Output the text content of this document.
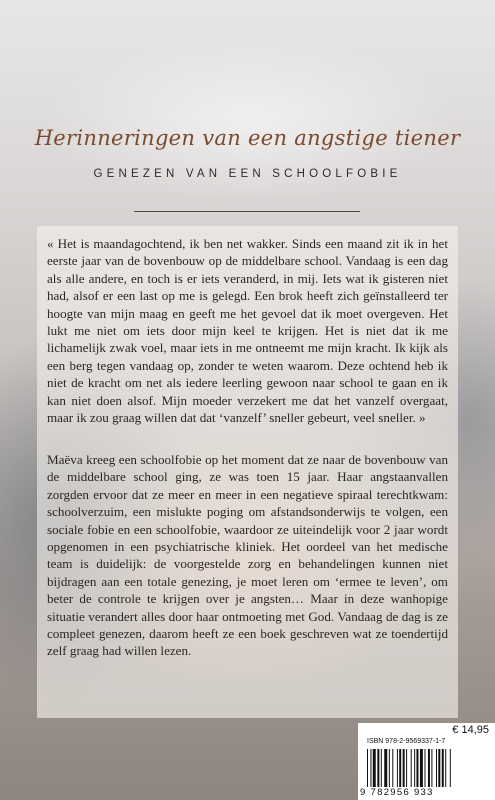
Herinneringen van een angstige tiener
GENEZEN VAN EEN SCHOOLFOBIE

« Het is maandagochtend, ik ben net wakker. Sinds een maand zit ik in het eerste jaar van de bovenbouw op de middelbare school. Vandaag is een dag als alle andere, en toch is er iets veranderd, in mij. Iets wat ik gisteren niet had, alsof er een last op me is gelegd. Een brok heeft zich geïnstalleerd ter hoogte van mijn maag en geeft me het gevoel dat ik moet overgeven. Het lukt me niet om iets door mijn keel te krijgen. Het is niet dat ik me lichamelijk zwak voel, maar iets in me ontneemt me mijn kracht. Ik kijk als een berg tegen vandaag op, zonder te weten waarom. Deze ochtend heb ik niet de kracht om net als iedere leerling gewoon naar school te gaan en ik kan niet doen alsof. Mijn moeder verzekert me dat het vanzelf overgaat, maar ik zou graag willen dat dat ‘vanzelf’ sneller gebeurt, veel sneller. »

Maëva kreeg een schoolfobie op het moment dat ze naar de bovenbouw van de middelbare school ging, ze was toen 15 jaar. Haar angstaanvallen zorgden ervoor dat ze meer en meer in een negatieve spiraal terechtkwam: schoolverzuim, een mislukte poging om afstandsonderwijs te volgen, een sociale fobie en een schoolfobie, waardoor ze uiteindelijk voor 2 jaar wordt opgenomen in een psychiatrische kliniek. Het oordeel van het medische team is duidelijk: de voorgestelde zorg en behandelingen kunnen niet bijdragen aan een totale genezing, je moet leren om ‘ermee te leven’, om beter de controle te krijgen over je angsten… Maar in deze wanhopige situatie verandert alles door haar ontmoeting met God. Vandaag de dag is ze compleet genezen, daarom heeft ze een boek geschreven wat ze toendertijd zelf graag had willen lezen.

€ 14,95
ISBN 978-2-9569337-1-7
9 782956 933
